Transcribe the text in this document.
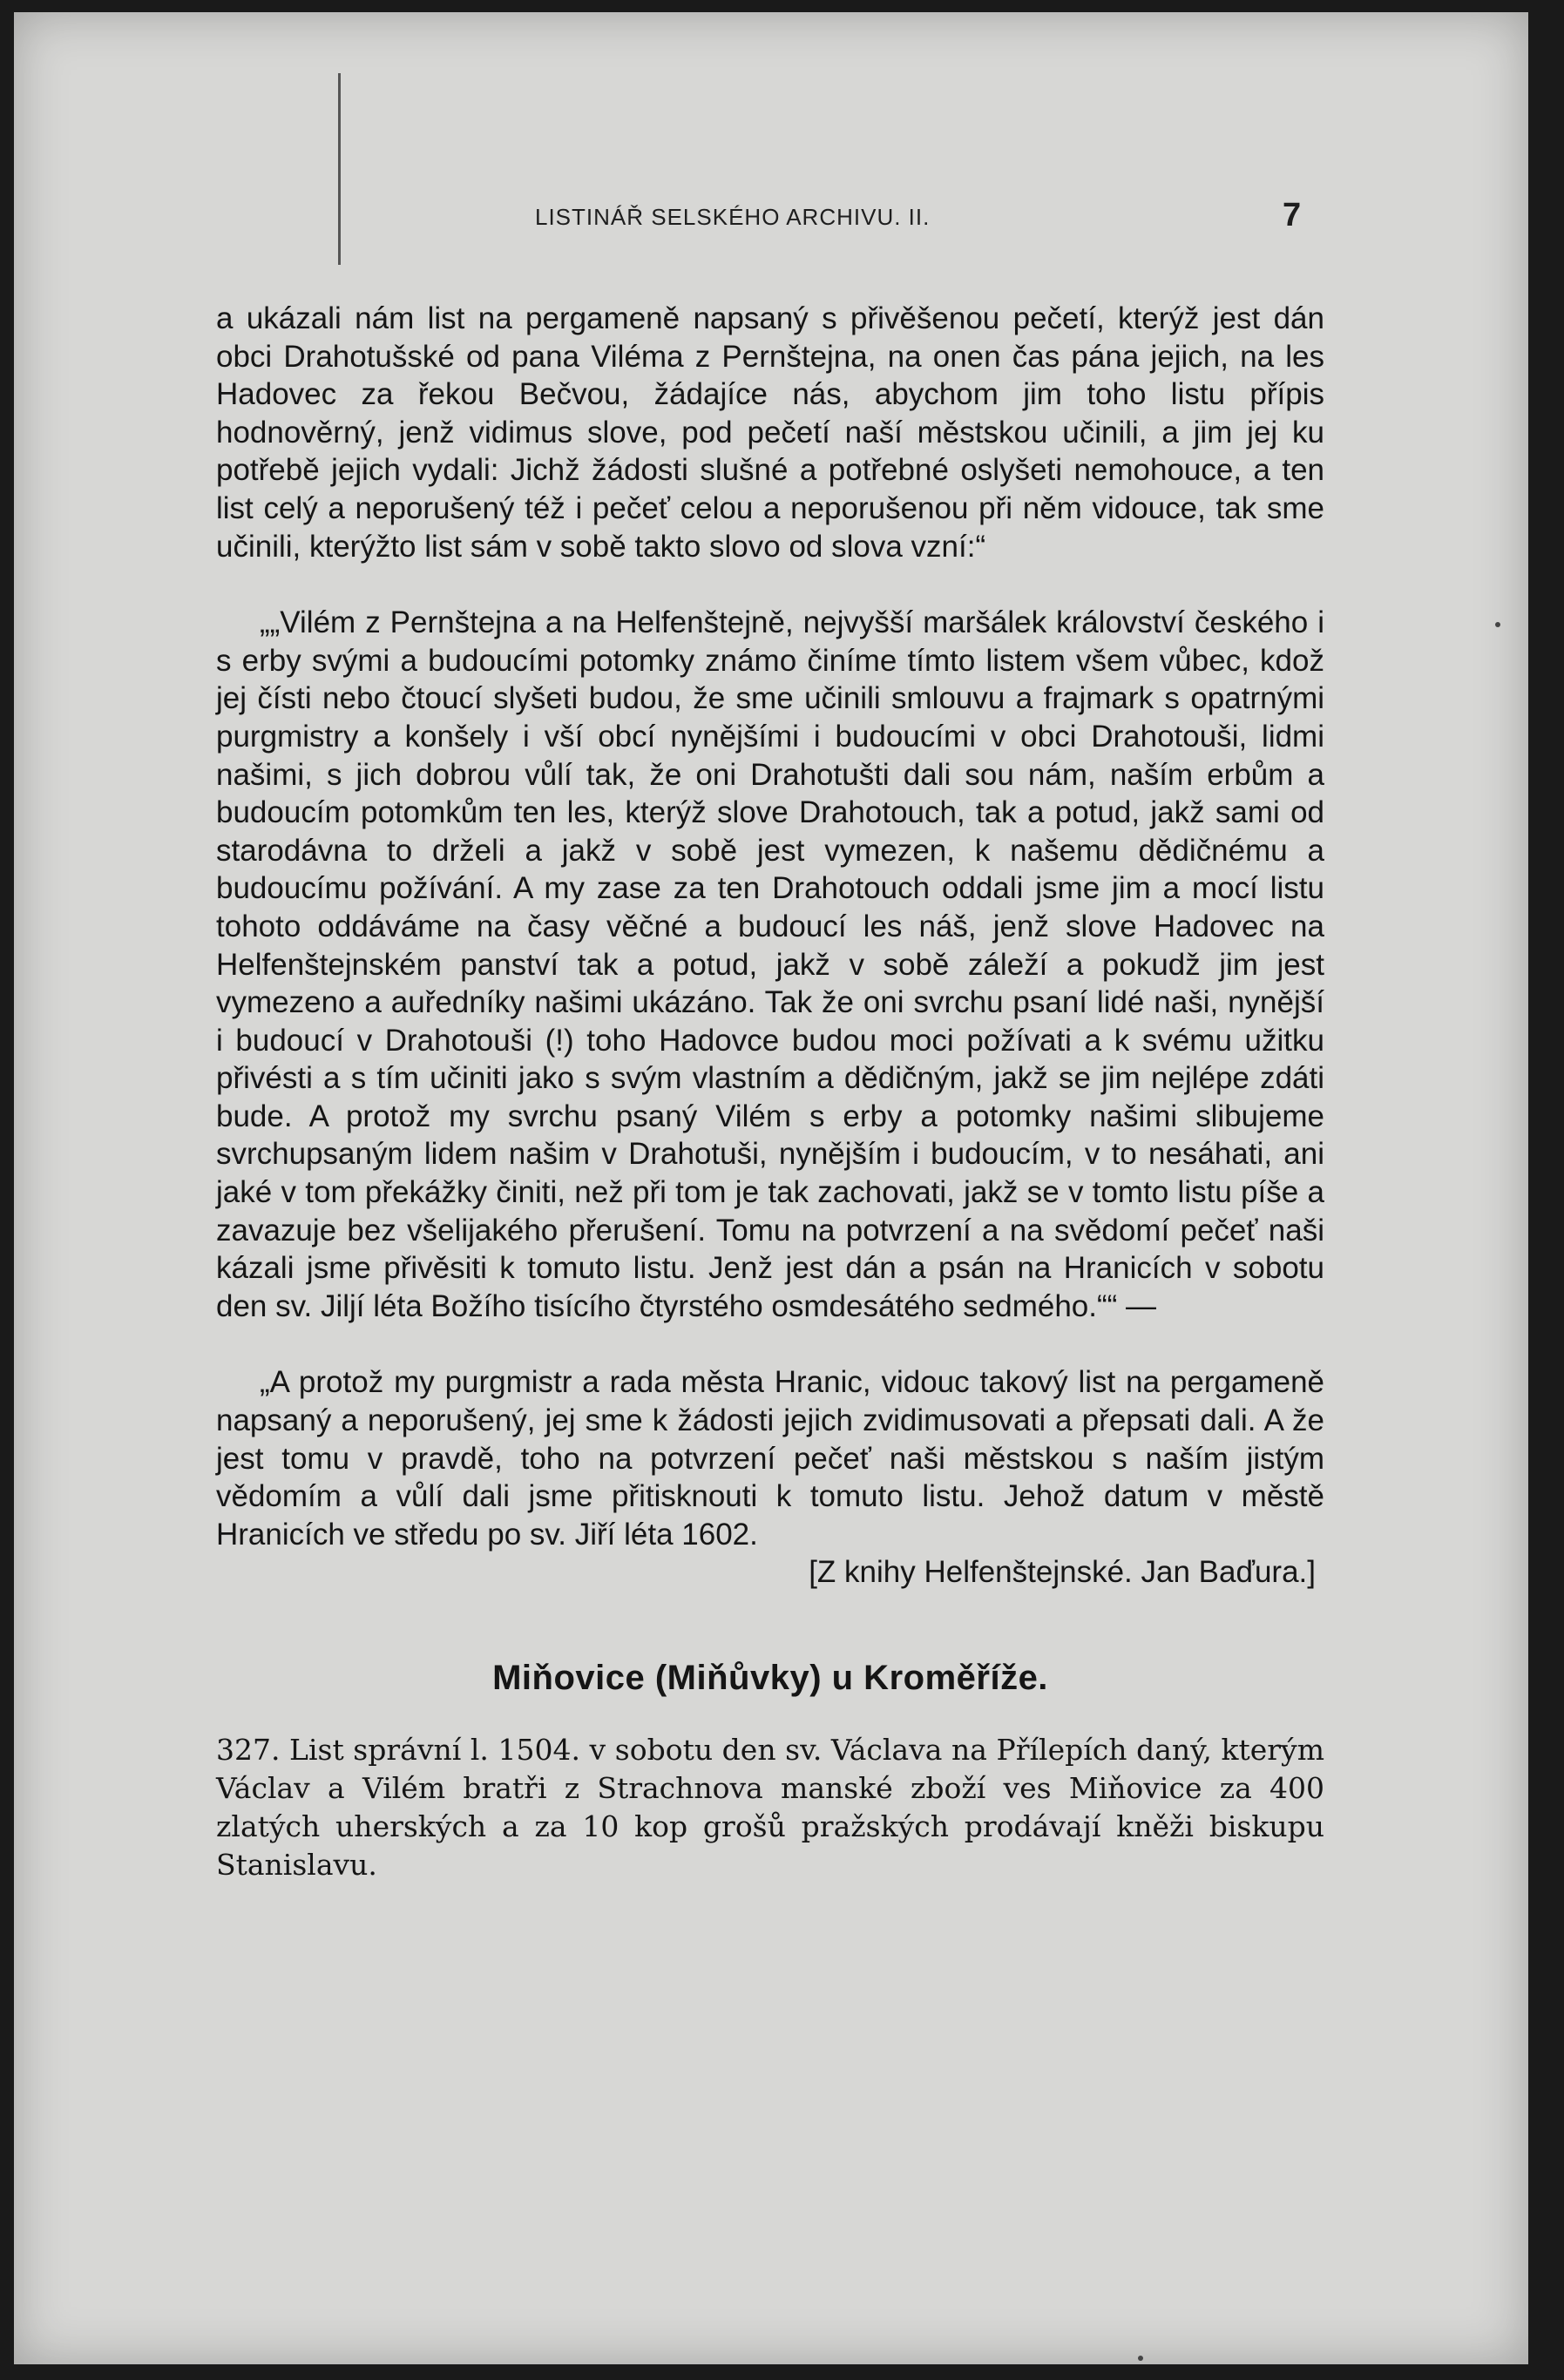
LISTINÁŘ SELSKÉHO ARCHIVU. II.	7

a ukázali nám list na pergameně napsaný s přivěšenou pečetí, kterýž jest dán obci Drahotušské od pana Viléma z Pernštejna, na onen čas pána jejich, na les Hadovec za řekou Bečvou, žádajíce nás, abychom jim toho listu přípis hodnověrný, jenž vidimus slove, pod pečetí naší městskou učinili, a jim jej ku potřebě jejich vydali: Jichž žádosti slušné a potřebné oslyšeti nemohouce, a ten list celý a neporušený též i pečeť celou a neporušenou při něm vidouce, tak sme učinili, kterýžto list sám v sobě takto slovo od slova vzní:“

„„Vilém z Pernštejna a na Helfenštejně, nejvyšší maršálek království českého i s erby svými a budoucími potomky známo činíme tímto listem všem vůbec, kdož jej čísti nebo čtoucí slyšeti budou, že sme učinili smlouvu a frajmark s opatrnými purgmistry a konšely i vší obcí nynějšími i budoucími v obci Drahotouši, lidmi našimi, s jich dobrou vůlí tak, že oni Drahotušti dali sou nám, naším erbům a budoucím potomkům ten les, kterýž slove Drahotouch, tak a potud, jakž sami od starodávna to drželi a jakž v sobě jest vymezen, k našemu dědičnému a budoucímu požívání. A my zase za ten Drahotouch oddali jsme jim a mocí listu tohoto oddáváme na časy věčné a budoucí les náš, jenž slove Hadovec na Helfenštejnském panství tak a potud, jakž v sobě záleží a pokudž jim jest vymezeno a auředníky našimi ukázáno. Tak že oni svrchu psaní lidé naši, nynější i budoucí v Drahotouši (!) toho Hadovce budou moci požívati a k svému užitku přivésti a s tím učiniti jako s svým vlastním a dědičným, jakž se jim nejlépe zdáti bude. A protož my svrchu psaný Vilém s erby a potomky našimi slibujeme svrchupsaným lidem našim v Drahotuši, nynějším i budoucím, v to nesáhati, ani jaké v tom překážky činiti, než při tom je tak zachovati, jakž se v tomto listu píše a zavazuje bez všelijakého přerušení. Tomu na potvrzení a na svědomí pečeť naši kázali jsme přivěsiti k tomuto listu. Jenž jest dán a psán na Hranicích v sobotu den sv. Jiljí léta Božího tisícího čtyrstého osmdesátého sedmého.““ —

„A protož my purgmistr a rada města Hranic, vidouc takový list na pergameně napsaný a neporušený, jej sme k žádosti jejich zvidimusovati a přepsati dali. A že jest tomu v pravdě, toho na potvrzení pečeť naši městskou s naším jistým vědomím a vůlí dali jsme přitisknouti k tomuto listu. Jehož datum v městě Hranicích ve středu po sv. Jiří léta 1602.

[Z knihy Helfenštejnské. Jan Baďura.]

Miňovice (Miňůvky) u Kroměříže.

327. List správní l. 1504. v sobotu den sv. Václava na Přílepích daný, kterým Václav a Vilém bratři z Strachnova manské zboží ves Miňovice za 400 zlatých uherských a za 10 kop grošů pražských prodávají kněži biskupu Stanislavu.
